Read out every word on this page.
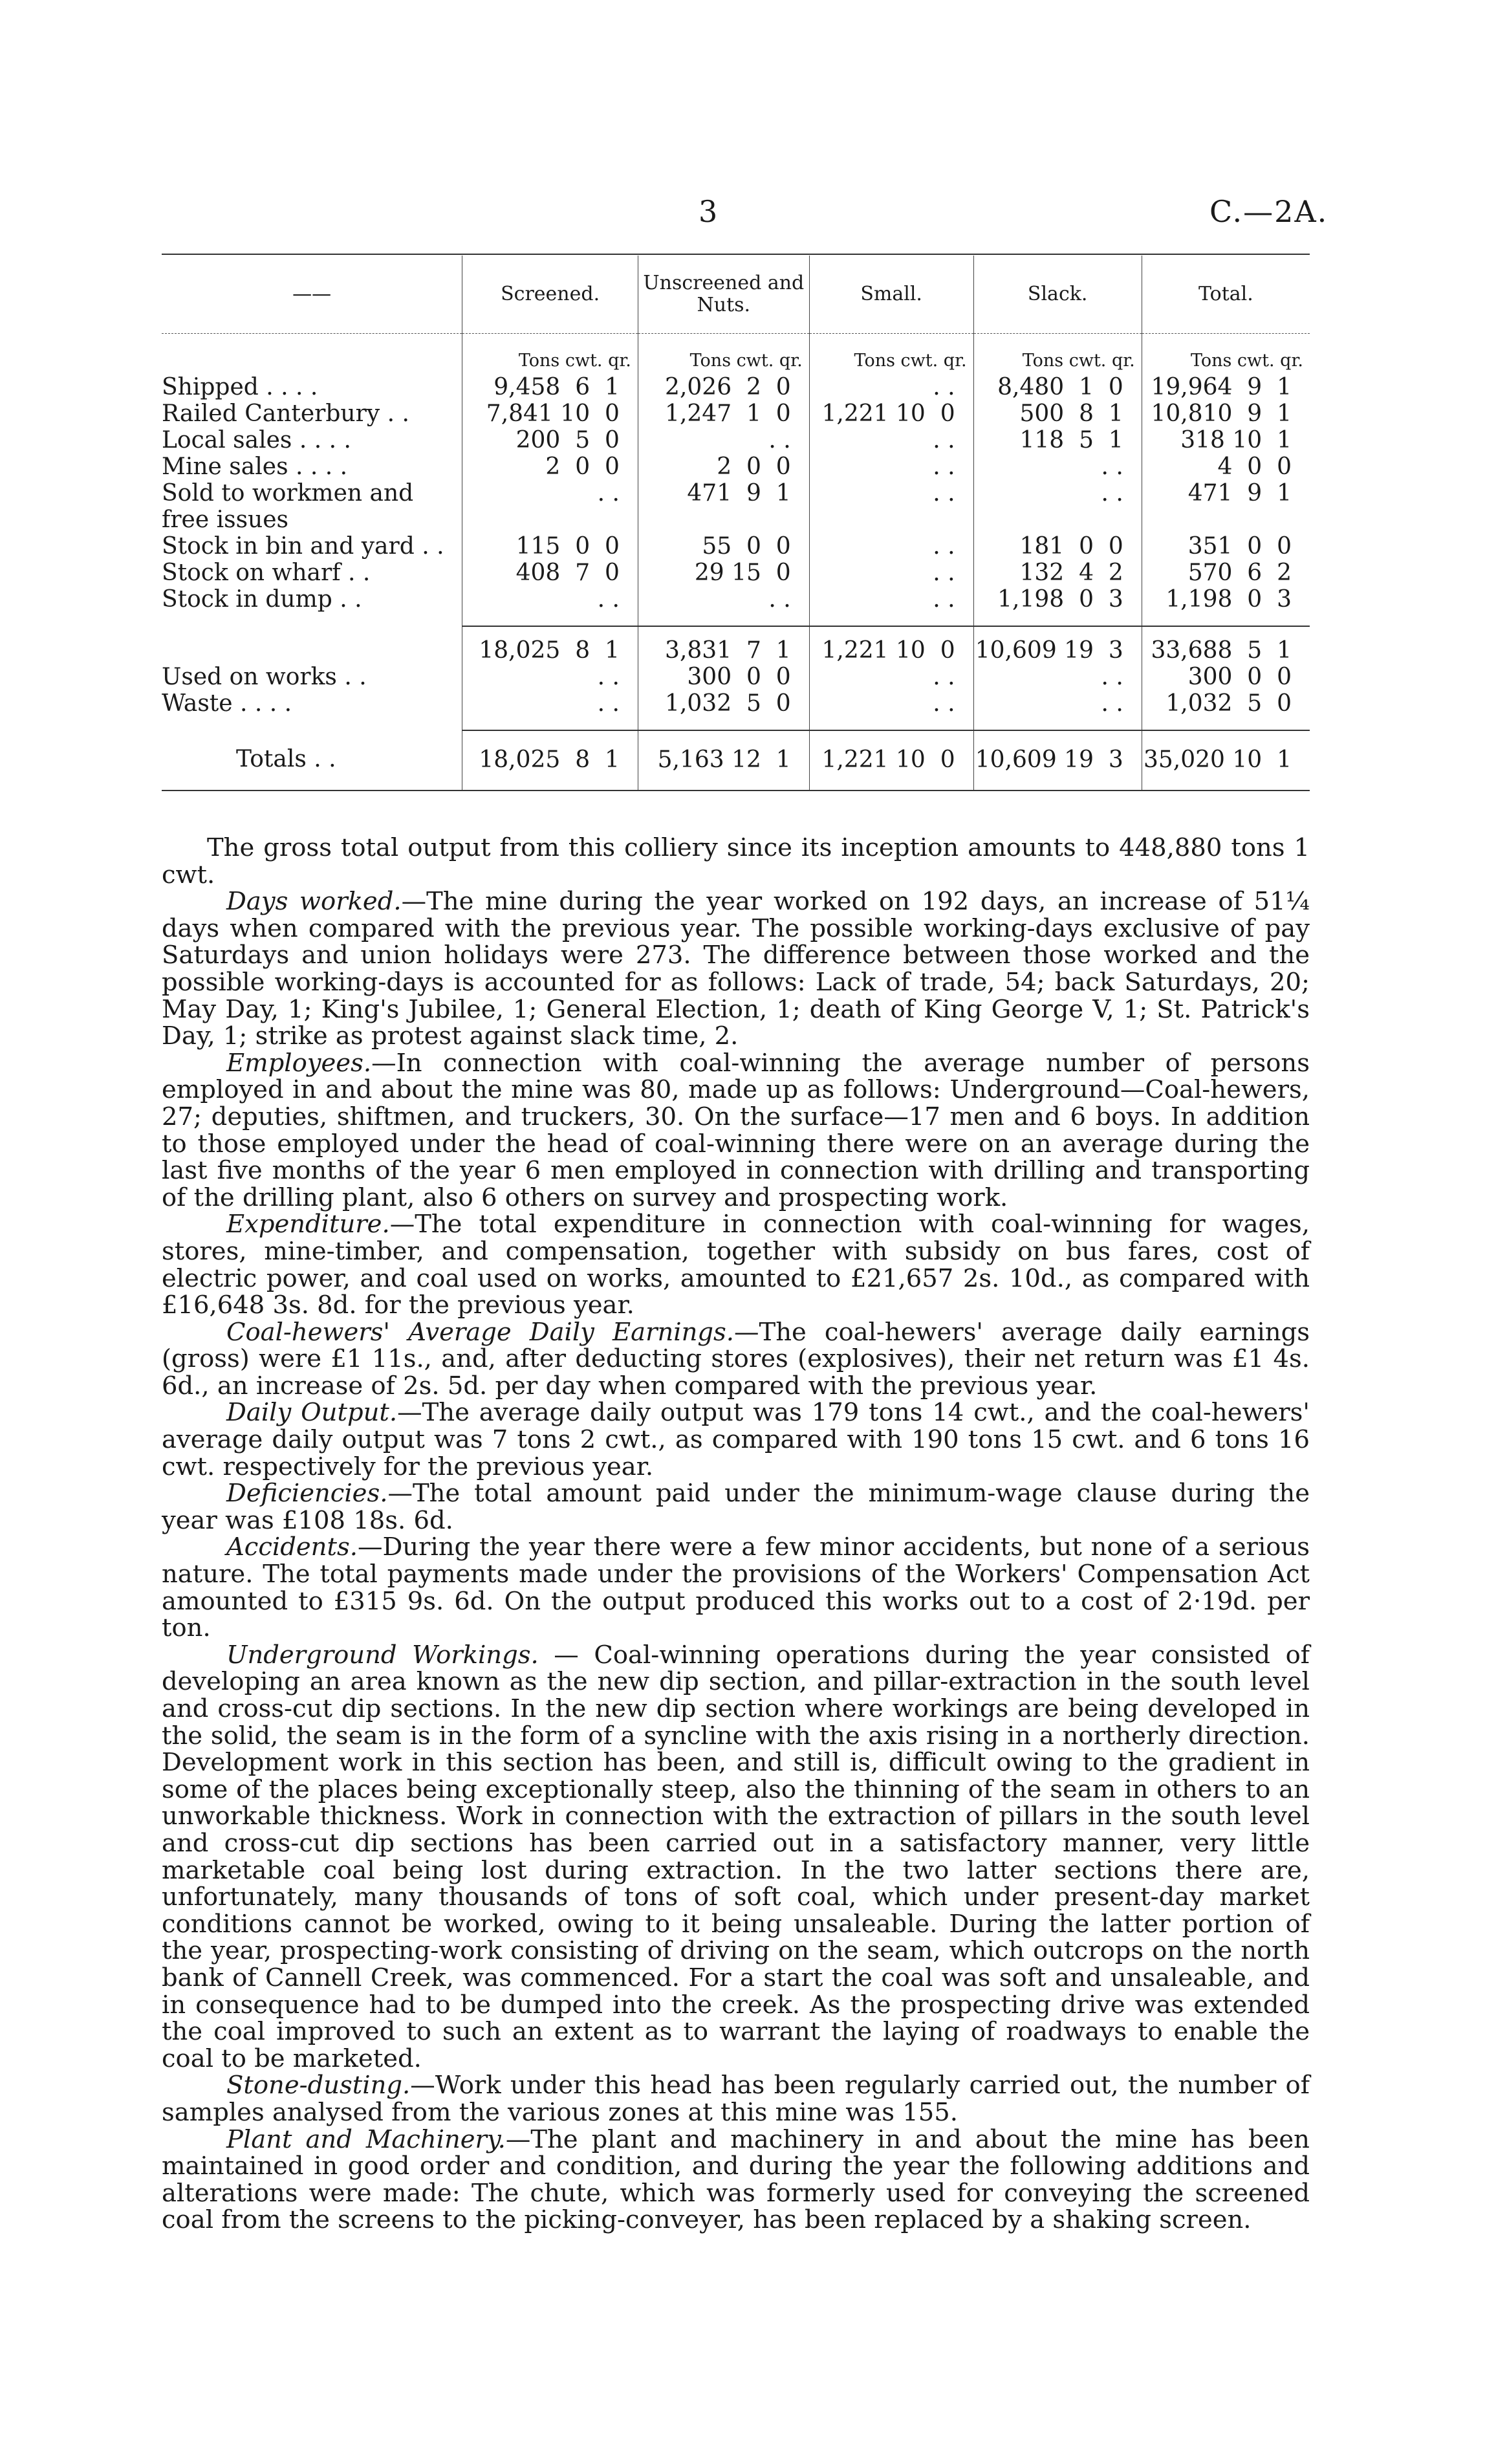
3	C.—2A.
——	Screened.	Unscreened and Nuts.	Small.	Slack.	Total.
	Tons cwt. qr.	Tons cwt. qr.	Tons cwt. qr.	Tons cwt. qr.	Tons cwt. qr.
Shipped . . . .	9,458  6  1	2,026  2  0	. .	8,480  1  0	19,964  9  1
Railed Canterbury . .	7,841 10  0	1,247  1  0	1,221 10  0	500  8  1	10,810  9  1
Local sales . . . .	200  5  0	. .	. .	118  5  1	318 10  1
Mine sales . . . .	2  0  0	2  0  0	. .	. .	4  0  0
Sold to workmen and free issues	. .	471  9  1	. .	. .	471  9  1
Stock in bin and yard . .	115  0  0	55  0  0	. .	181  0  0	351  0  0
Stock on wharf . .	408  7  0	29 15  0	. .	132  4  2	570  6  2
Stock in dump . .	. .	. .	. .	1,198  0  3	1,198  0  3

	18,025  8  1	3,831  7  1	1,221 10  0	10,609 19  3	33,688  5  1
Used on works . .	. .	300  0  0	. .	. .	300  0  0
Waste . . . .	. .	1,032  5  0	. .	. .	1,032  5  0

Totals . .	18,025  8  1	5,163 12  1	1,221 10  0	10,609 19  3	35,020 10  1

The gross total output from this colliery since its inception amounts to 448,880 tons 1 cwt.

Days worked.—The mine during the year worked on 192 days, an increase of 51¼ days when compared with the previous year. The possible working-days exclusive of pay Saturdays and union holidays were 273. The difference between those worked and the possible working-days is accounted for as follows: Lack of trade, 54; back Saturdays, 20; May Day, 1; King's Jubilee, 1; General Election, 1; death of King George V, 1; St. Patrick's Day, 1; strike as protest against slack time, 2.

Employees.—In connection with coal-winning the average number of persons employed in and about the mine was 80, made up as follows: Underground—Coal-hewers, 27; deputies, shiftmen, and truckers, 30. On the surface—17 men and 6 boys. In addition to those employed under the head of coal-winning there were on an average during the last five months of the year 6 men employed in connection with drilling and transporting of the drilling plant, also 6 others on survey and prospecting work.

Expenditure.—The total expenditure in connection with coal-winning for wages, stores, mine-timber, and compensation, together with subsidy on bus fares, cost of electric power, and coal used on works, amounted to £21,657 2s. 10d., as compared with £16,648 3s. 8d. for the previous year.

Coal-hewers' Average Daily Earnings.—The coal-hewers' average daily earnings (gross) were £1 11s., and, after deducting stores (explosives), their net return was £1 4s. 6d., an increase of 2s. 5d. per day when compared with the previous year.

Daily Output.—The average daily output was 179 tons 14 cwt., and the coal-hewers' average daily output was 7 tons 2 cwt., as compared with 190 tons 15 cwt. and 6 tons 16 cwt. respectively for the previous year.

Deficiencies.—The total amount paid under the minimum-wage clause during the year was £108 18s. 6d.

Accidents.—During the year there were a few minor accidents, but none of a serious nature. The total payments made under the provisions of the Workers' Compensation Act amounted to £315 9s. 6d. On the output produced this works out to a cost of 2·19d. per ton.

Underground Workings. — Coal-winning operations during the year consisted of developing an area known as the new dip section, and pillar-extraction in the south level and cross-cut dip sections. In the new dip section where workings are being developed in the solid, the seam is in the form of a syncline with the axis rising in a northerly direction. Development work in this section has been, and still is, difficult owing to the gradient in some of the places being exceptionally steep, also the thinning of the seam in others to an unworkable thickness. Work in connection with the extraction of pillars in the south level and cross-cut dip sections has been carried out in a satisfactory manner, very little marketable coal being lost during extraction. In the two latter sections there are, unfortunately, many thousands of tons of soft coal, which under present-day market conditions cannot be worked, owing to it being unsaleable. During the latter portion of the year, prospecting-work consisting of driving on the seam, which outcrops on the north bank of Cannell Creek, was commenced. For a start the coal was soft and unsaleable, and in consequence had to be dumped into the creek. As the prospecting drive was extended the coal improved to such an extent as to warrant the laying of roadways to enable the coal to be marketed.

Stone-dusting.—Work under this head has been regularly carried out, the number of samples analysed from the various zones at this mine was 155.

Plant and Machinery.—The plant and machinery in and about the mine has been maintained in good order and condition, and during the year the following additions and alterations were made: The chute, which was formerly used for conveying the screened coal from the screens to the picking-conveyer, has been replaced by a shaking screen.
